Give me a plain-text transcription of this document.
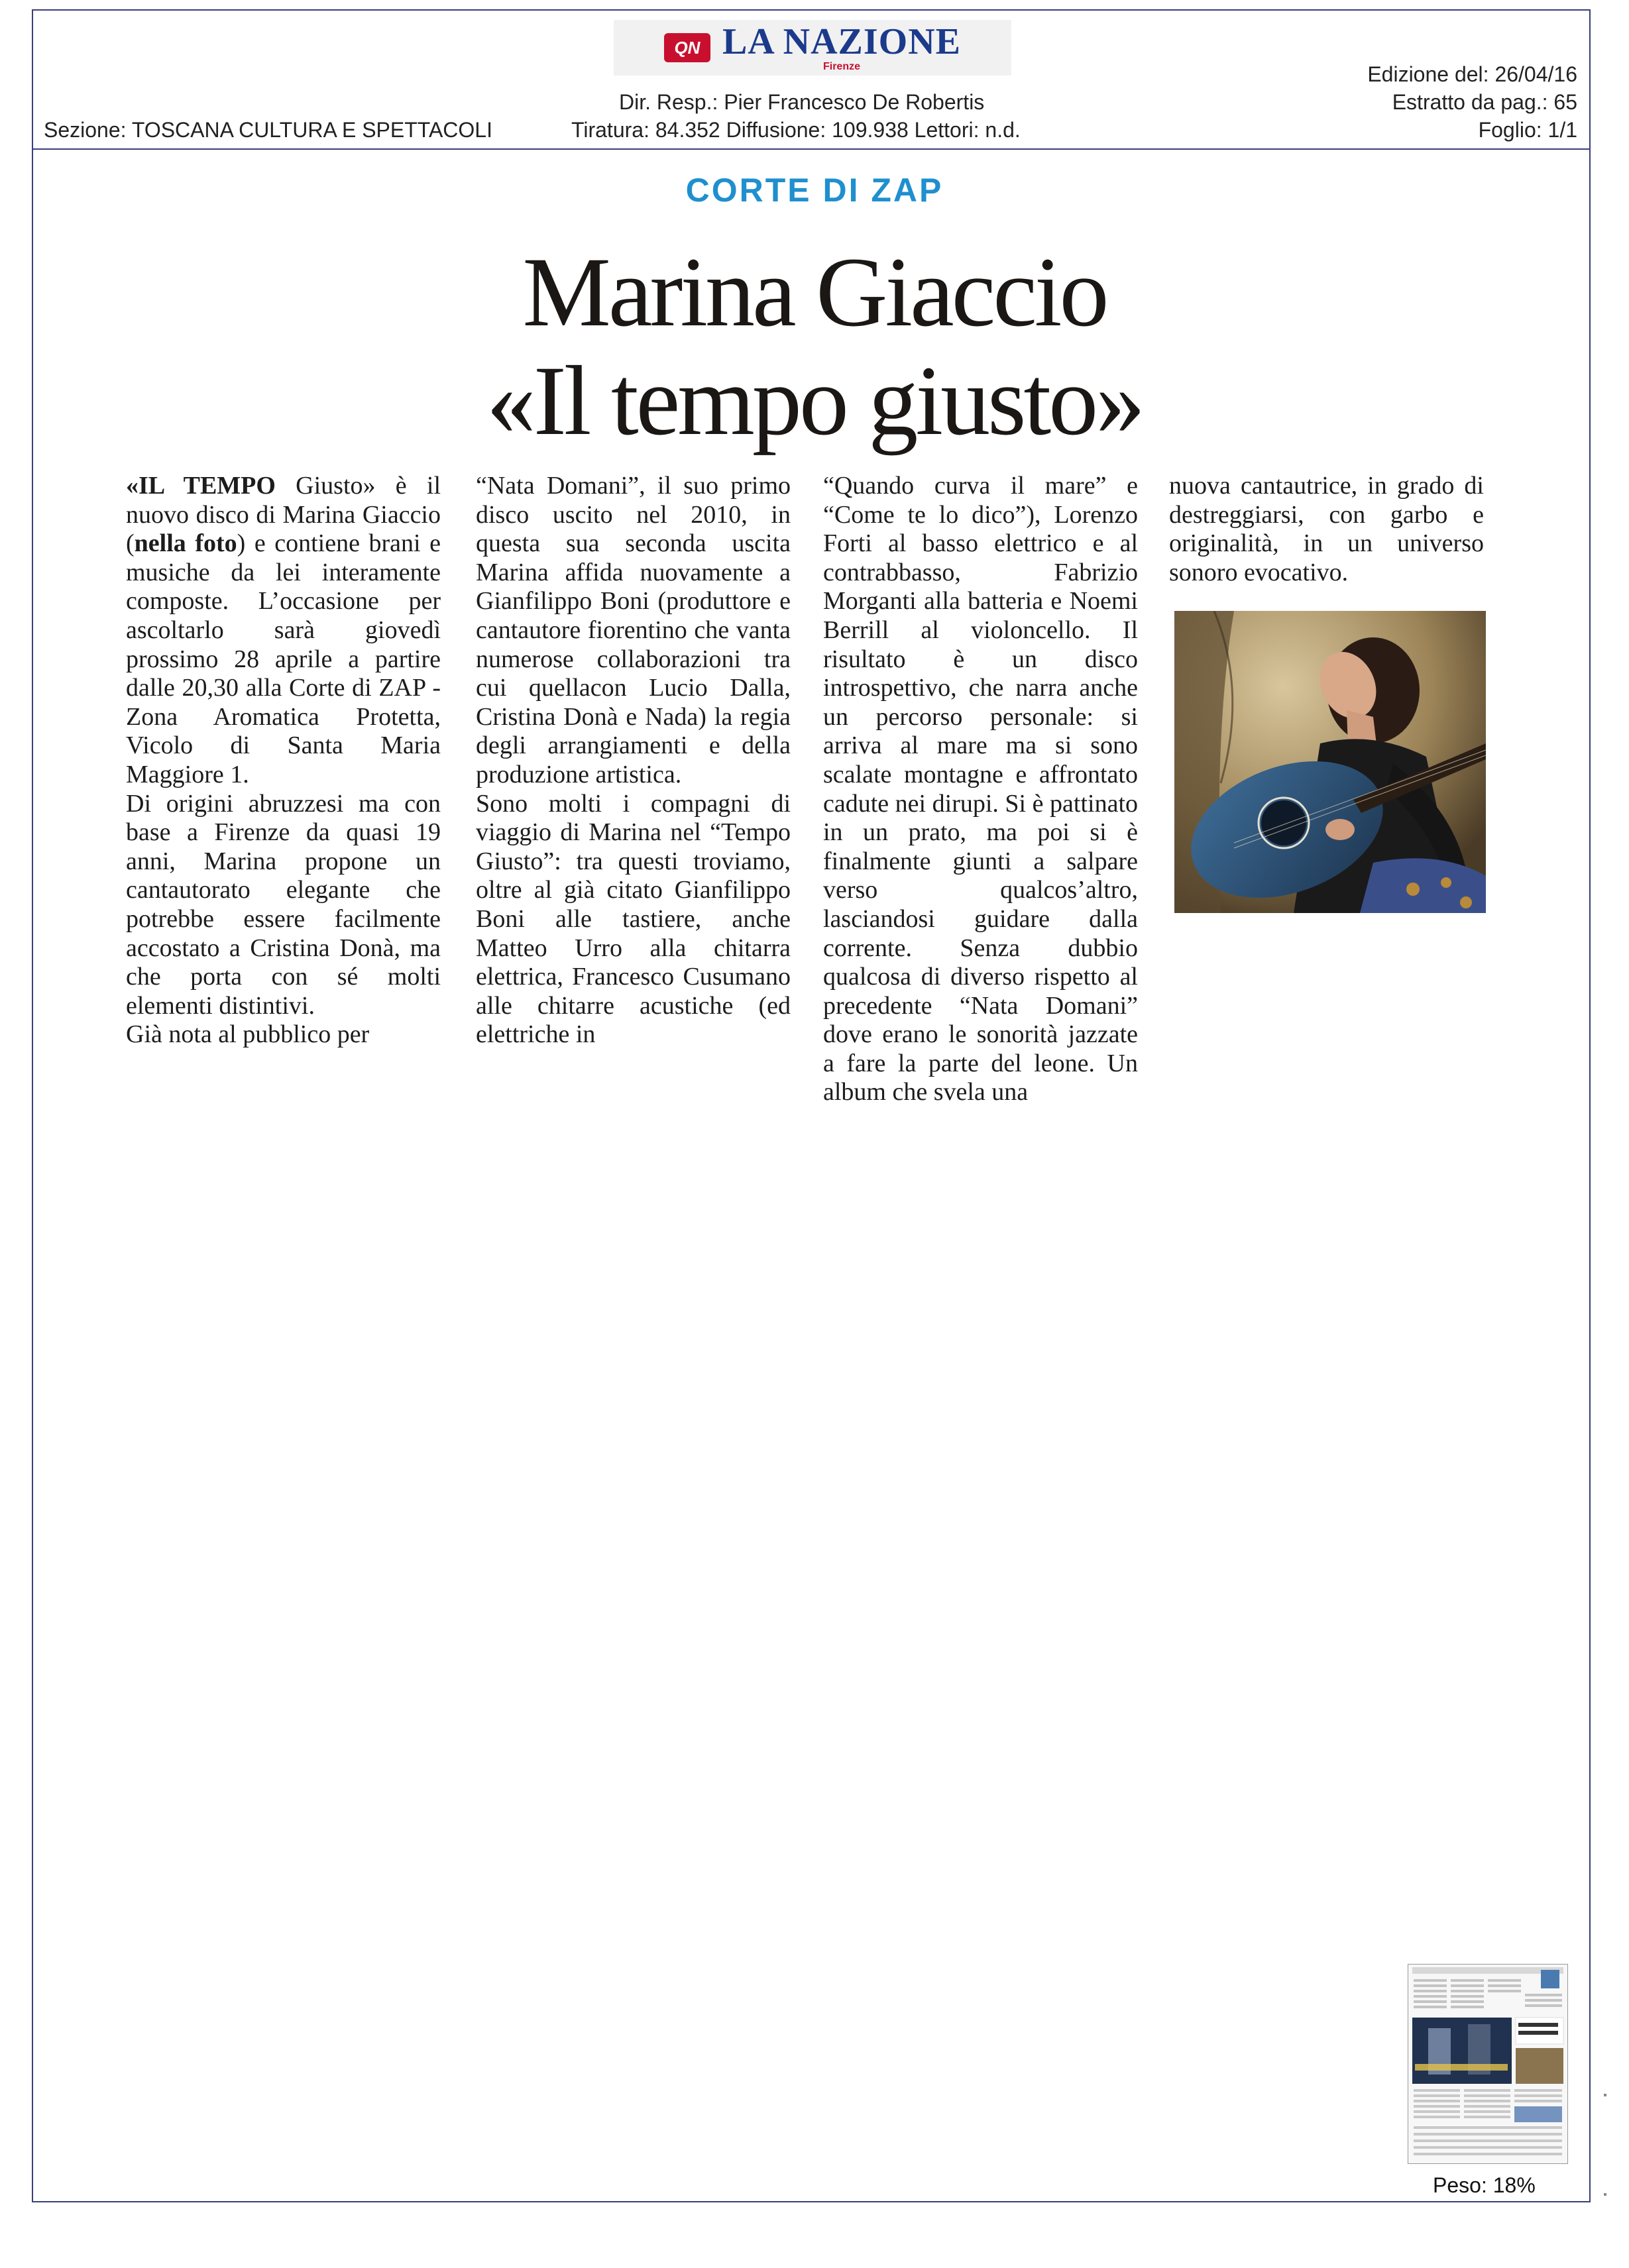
QN LA NAZIONE
Firenze	Edizione del: 26/04/16
Estratto da pag.: 65
Foglio: 1/1
Dir. Resp.: Pier Francesco De Robertis
Tiratura: 84.352 Diffusione: 109.938 Lettori: n.d.
Sezione: TOSCANA CULTURA E SPETTACOLI
CORTE DI ZAP
Marina Giaccio
«Il tempo giusto»

«IL TEMPO Giusto» è il nuovo disco di Marina Giaccio (nella foto) e contiene brani e musiche da lei interamente composte. L’occasione per ascoltarlo sarà giovedì prossimo 28 aprile a partire dalle 20,30 alla Corte di ZAP - Zona Aromatica Protetta, Vicolo di Santa Maria Maggiore 1.

Di origini abruzzesi ma con base a Firenze da quasi 19 anni, Marina propone un cantautorato elegante che potrebbe essere facilmente accostato a Cristina Donà, ma che porta con sé molti elementi distintivi.

Già nota al pubblico per

“Nata Domani”, il suo primo disco uscito nel 2010, in questa sua seconda uscita Marina affida nuovamente a Gianfilippo Boni (produttore e cantautore fiorentino che vanta numerose collaborazioni tra cui quellacon Lucio Dalla, Cristina Donà e Nada) la regia degli arrangiamenti e della produzione artistica.

Sono molti i compagni di viaggio di Marina nel “Tempo Giusto”: tra questi troviamo, oltre al già citato Gianfilippo Boni alle tastiere, anche Matteo Urro alla chitarra elettrica, Francesco Cusumano alle chitarre acustiche (ed elettriche in

“Quando curva il mare” e “Come te lo dico”), Lorenzo Forti al basso elettrico e al contrabbasso, Fabrizio Morganti alla batteria e Noemi Berrill al violoncello. Il risultato è un disco introspettivo, che narra anche un percorso personale: si arriva al mare ma si sono scalate montagne e affrontato cadute nei dirupi. Si è pattinato in un prato, ma poi si è finalmente giunti a salpare verso qualcos’altro, lasciandosi guidare dalla corrente. Senza dubbio qualcosa di diverso rispetto al precedente “Nata Domani” dove erano le sonorità jazzate a fare la parte del leone. Un album che svela una

nuova cantautrice, in grado di destreggiarsi, con garbo e originalità, in un universo sonoro evocativo.

Peso: 18%
